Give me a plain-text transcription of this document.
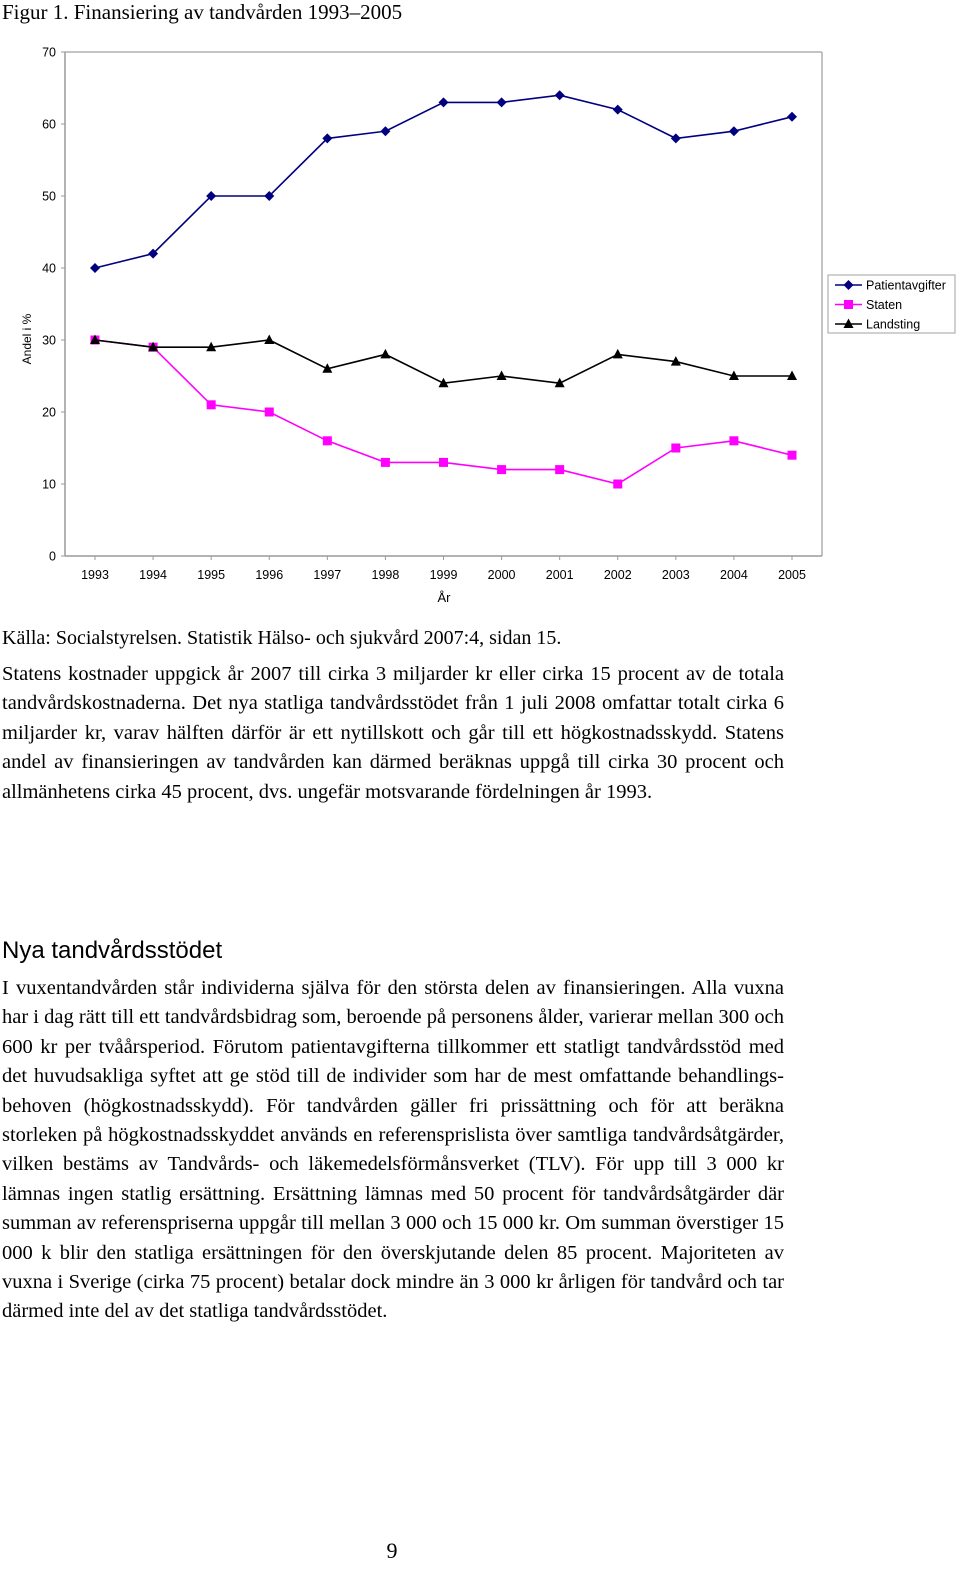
Figur 1. Finansiering av tandvården 1993–2005
0
10
20
30
40
50
60
70
1993 1994 1995 1996 1997 1998 1999 2000 2001 2002 2003 2004 2005
Andel i %
År
Patientavgifter
Staten
Landsting
Källa: Socialstyrelsen. Statistik Hälso- och sjukvård 2007:4, sidan 15.
Statens kostnader uppgick år 2007 till cirka 3 miljarder kr eller cirka 15 procent av de totala tandvårdskostnaderna. Det nya statliga tandvårdsstödet från 1 juli 2008 omfattar totalt cirka 6 miljarder kr, varav hälften därför är ett nytillskott och går till ett högkostnadsskydd. Statens andel av finansieringen av tandvården kan därmed beräknas uppgå till cirka 30 procent och allmänhetens cirka 45 procent, dvs. ungefär motsvarande fördelningen år 1993.
Nya tandvårdsstödet
I vuxentandvården står individerna själva för den största delen av finansieringen. Alla vuxna har i dag rätt till ett tandvårdsbidrag som, beroende på personens ålder, varierar mellan 300 och 600 kr per tvåårsperiod. Förutom patientavgifterna tillkommer ett statligt tandvårdsstöd med det huvudsakliga syftet att ge stöd till de individer som har de mest omfattande behandlingsbehoven (högkostnadsskydd). För tandvården gäller fri prissättning och för att beräkna storleken på högkostnadsskyddet används en referensprislista över samtliga tandvårdsåtgärder, vilken bestäms av Tandvårds- och läkemedelsförmånsverket (TLV). För upp till 3 000 kr lämnas ingen statlig ersättning. Ersättning lämnas med 50 procent för tandvårdsåtgärder där summan av referenspriserna uppgår till mellan 3 000 och 15 000 kr. Om summan överstiger 15 000 k blir den statliga ersättningen för den överskjutande delen 85 procent. Majoriteten av vuxna i Sverige (cirka 75 procent) betalar dock mindre än 3 000 kr årligen för tandvård och tar därmed inte del av det statliga tandvårdsstödet.
9
